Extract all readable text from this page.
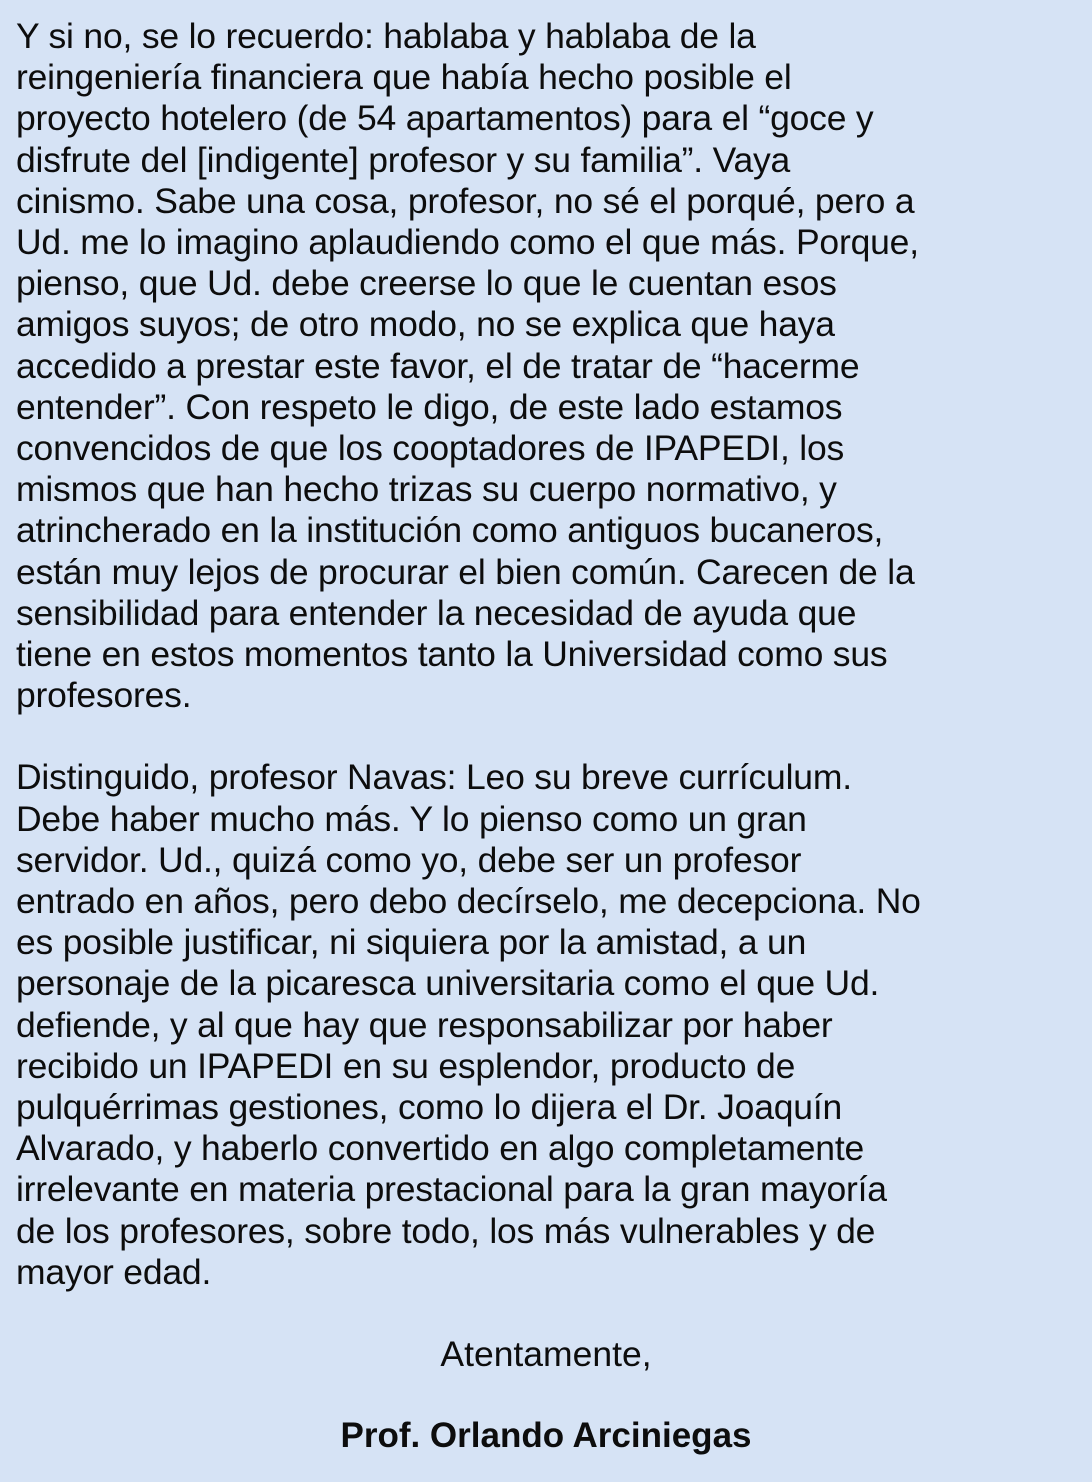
Y si no, se lo recuerdo: hablaba y hablaba de la
reingeniería financiera que había hecho posible el
proyecto hotelero (de 54 apartamentos) para el “goce y
disfrute del [indigente] profesor y su familia”. Vaya
cinismo. Sabe una cosa, profesor, no sé el porqué, pero a
Ud. me lo imagino aplaudiendo como el que más. Porque,
pienso, que Ud. debe creerse lo que le cuentan esos
amigos suyos; de otro modo, no se explica que haya
accedido a prestar este favor, el de tratar de “hacerme
entender”. Con respeto le digo, de este lado estamos
convencidos de que los cooptadores de IPAPEDI, los
mismos que han hecho trizas su cuerpo normativo, y
atrincherado en la institución como antiguos bucaneros,
están muy lejos de procurar el bien común. Carecen de la
sensibilidad para entender la necesidad de ayuda que
tiene en estos momentos tanto la Universidad como sus
profesores.

Distinguido, profesor Navas: Leo su breve currículum.
Debe haber mucho más. Y lo pienso como un gran
servidor. Ud., quizá como yo, debe ser un profesor
entrado en años, pero debo decírselo, me decepciona. No
es posible justificar, ni siquiera por la amistad, a un
personaje de la picaresca universitaria como el que Ud.
defiende, y al que hay que responsabilizar por haber
recibido un IPAPEDI en su esplendor, producto de
pulquérrimas gestiones, como lo dijera el Dr. Joaquín
Alvarado, y haberlo convertido en algo completamente
irrelevante en materia prestacional para la gran mayoría
de los profesores, sobre todo, los más vulnerables y de
mayor edad.

Atentamente,

Prof. Orlando Arciniegas
